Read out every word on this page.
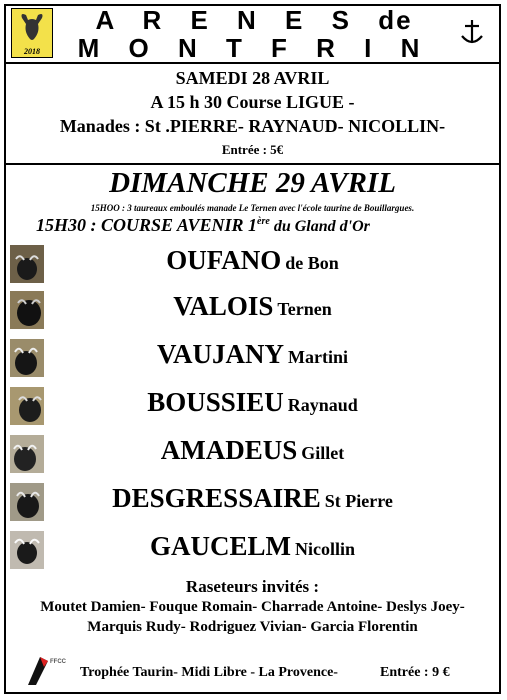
2018
A R E N E S de
M O N T F R I N
SAMEDI 28 AVRIL
A 15 h 30 Course LIGUE -
Manades : St .PIERRE- RAYNAUD- NICOLLIN-
Entrée : 5€
DIMANCHE 29 AVRIL
15HOO : 3 taureaux emboulés manade Le Ternen avec l'école taurine de Bouillargues.
15H30 : COURSE AVENIR 1ère du Gland d'Or
OUFANO de Bon
VALOIS Ternen
VAUJANY Martini
BOUSSIEU Raynaud
AMADEUS Gillet
DESGRESSAIRE St Pierre
GAUCELM Nicollin
Raseteurs invités :
Moutet Damien- Fouque Romain- Charrade Antoine- Deslys Joey-
Marquis Rudy- Rodriguez Vivian- Garcia Florentin
FFCC
Trophée Taurin- Midi Libre - La Provence-	Entrée : 9 €
